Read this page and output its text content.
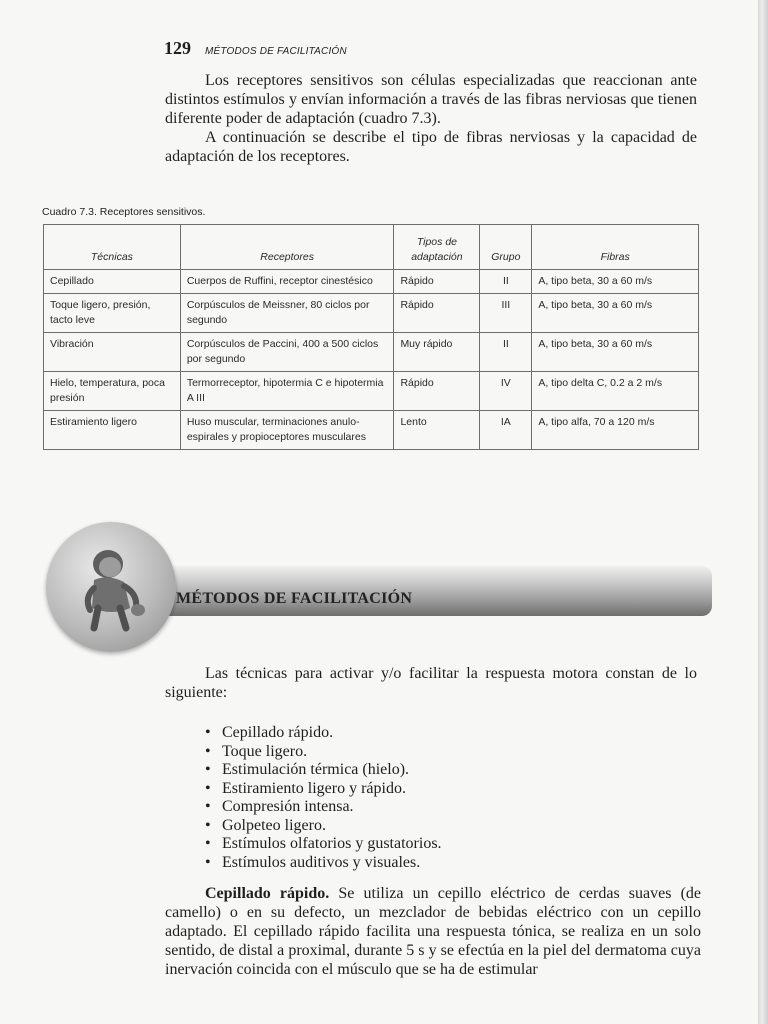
129 MÉTODOS DE FACILITACIÓN

Los receptores sensitivos son células especializadas que reaccionan ante distintos estímulos y envían información a través de las fibras nerviosas que tienen diferente poder de adaptación (cuadro 7.3).

A continuación se describe el tipo de fibras nerviosas y la capacidad de adaptación de los receptores.

Cuadro 7.3. Receptores sensitivos.
Técnicas	Receptores	Tipos de adaptación	Grupo	Fibras
Cepillado	Cuerpos de Ruffini, receptor cinestésico	Rápido	II	A, tipo beta, 30 a 60 m/s
Toque ligero, presión, tacto leve	Corpúsculos de Meissner, 80 ciclos por segundo	Rápido	III	A, tipo beta, 30 a 60 m/s
Vibración	Corpúsculos de Paccini, 400 a 500 ciclos por segundo	Muy rápido	II	A, tipo beta, 30 a 60 m/s
Hielo, temperatura, poca presión	Termorreceptor, hipotermia C e hipotermia A III	Rápido	IV	A, tipo delta C, 0.2 a 2 m/s
Estiramiento ligero	Huso muscular, terminaciones anulo-espirales y propioceptores musculares	Lento	IA	A, tipo alfa, 70 a 120 m/s
MÉTODOS DE FACILITACIÓN

Las técnicas para activar y/o facilitar la respuesta motora constan de lo siguiente:

• Cepillado rápido.
• Toque ligero.
• Estimulación térmica (hielo).
• Estiramiento ligero y rápido.
• Compresión intensa.
• Golpeteo ligero.
• Estímulos olfatorios y gustatorios.
• Estímulos auditivos y visuales.

Cepillado rápido. Se utiliza un cepillo eléctrico de cerdas suaves (de camello) o en su defecto, un mezclador de bebidas eléctrico con un cepillo adaptado. El cepillado rápido facilita una respuesta tónica, se realiza en un solo sentido, de distal a proximal, durante 5 s y se efectúa en la piel del dermatoma cuya inervación coincida con el músculo que se ha de estimular
